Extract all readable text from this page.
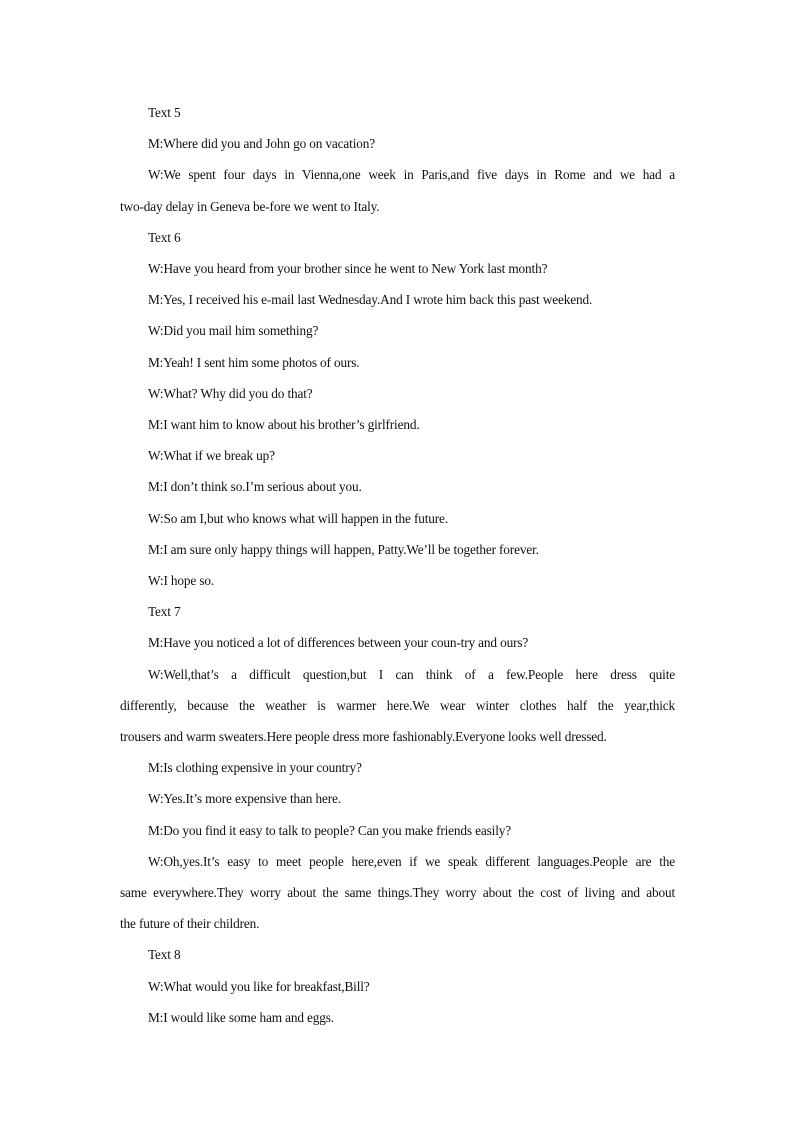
Text 5
M:Where did you and John go on vacation?
W:We spent four days in Vienna,one week in Paris,and five days in Rome and we had a
two-day delay in Geneva be-fore we went to Italy.
Text 6
W:Have you heard from your brother since he went to New York last month?
M:Yes, I received his e-mail last Wednesday.And I wrote him back this past weekend.
W:Did you mail him something?
M:Yeah! I sent him some photos of ours.
W:What? Why did you do that?
M:I want him to know about his brother’s girlfriend.
W:What if we break up?
M:I don’t think so.I’m serious about you.
W:So am I,but who knows what will happen in the future.
M:I am sure only happy things will happen, Patty.We’ll be together forever.
W:I hope so.
Text 7
M:Have you noticed a lot of differences between your coun-try and ours?
W:Well,that’s a difficult question,but I can think of a few.People here dress quite
differently, because the weather is warmer here.We wear winter clothes half the year,thick
trousers and warm sweaters.Here people dress more fashionably.Everyone looks well dressed.
M:Is clothing expensive in your country?
W:Yes.It’s more expensive than here.
M:Do you find it easy to talk to people? Can you make friends easily?
W:Oh,yes.It’s easy to meet people here,even if we speak different languages.People are the
same everywhere.They worry about the same things.They worry about the cost of living and about
the future of their children.
Text 8
W:What would you like for breakfast,Bill?
M:I would like some ham and eggs.
